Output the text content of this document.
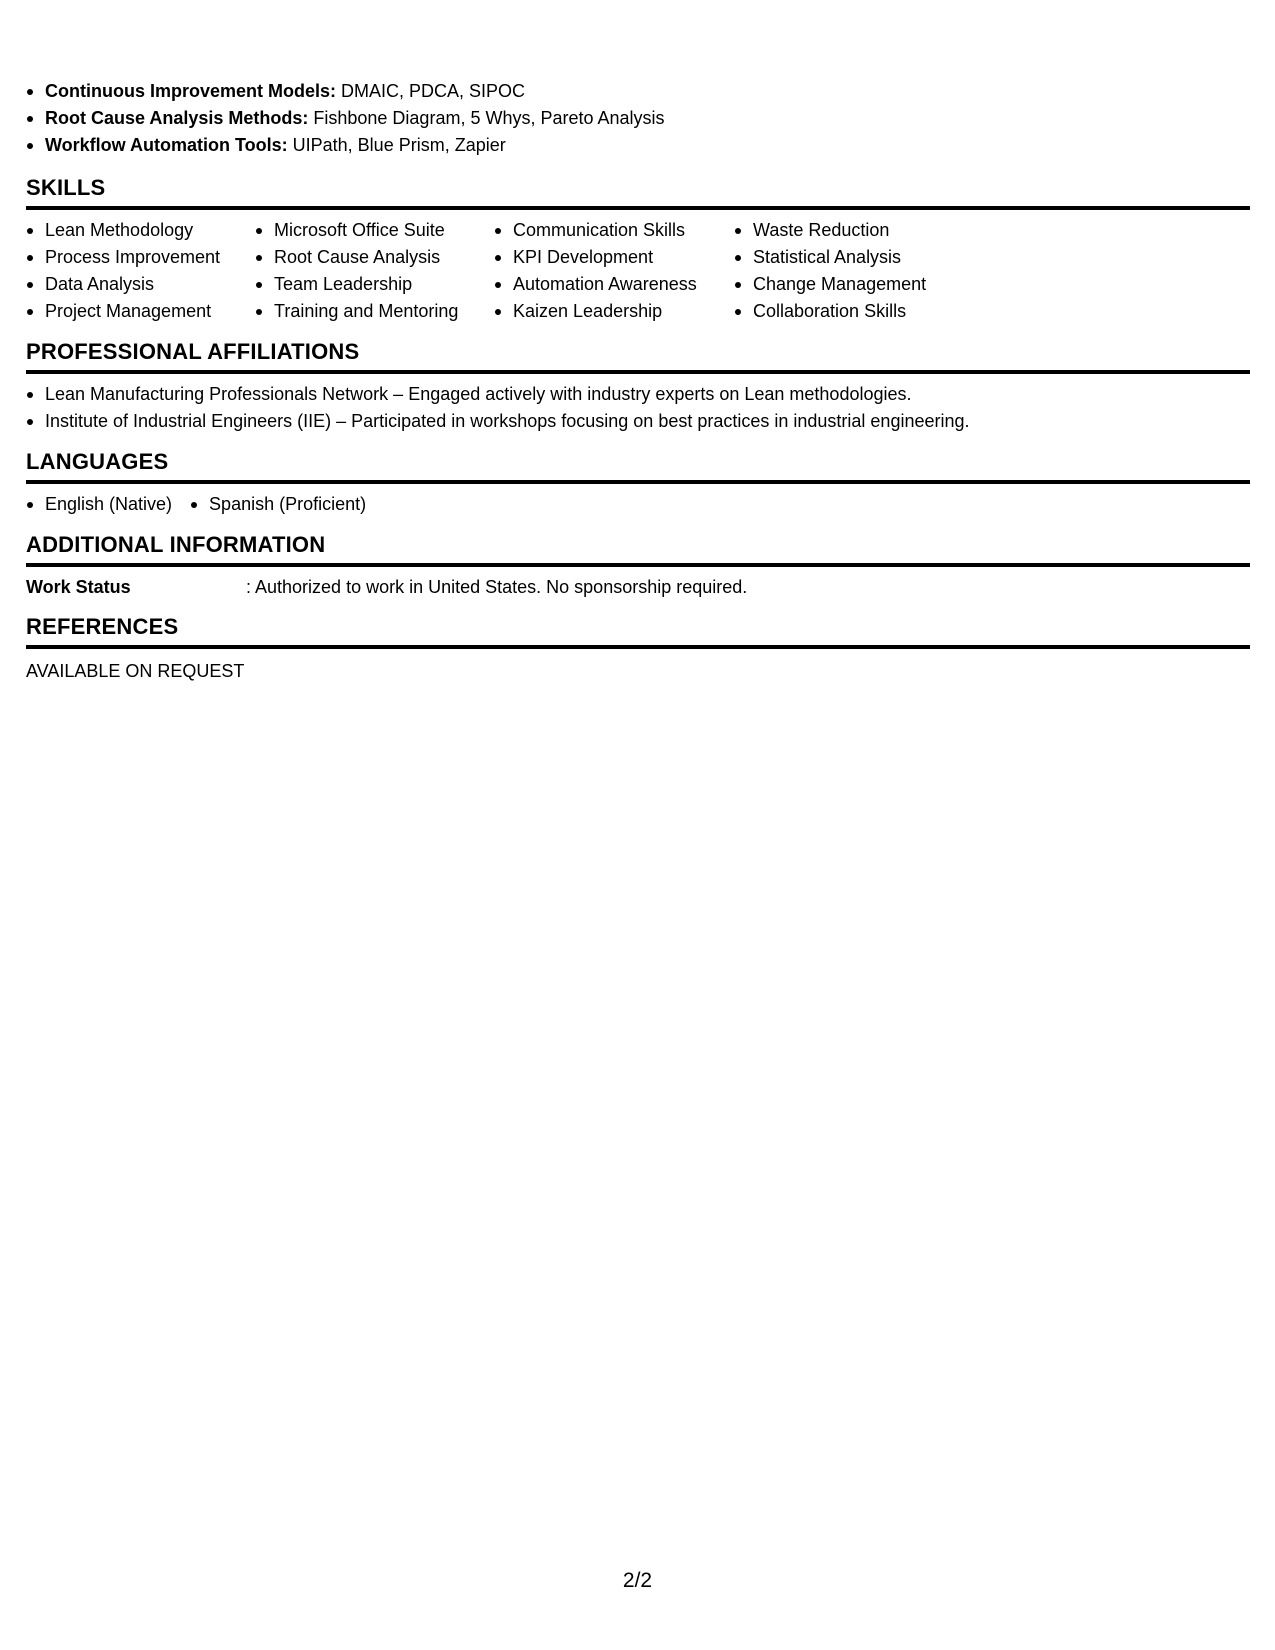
Continuous Improvement Models: DMAIC, PDCA, SIPOC
Root Cause Analysis Methods: Fishbone Diagram, 5 Whys, Pareto Analysis
Workflow Automation Tools: UIPath, Blue Prism, Zapier
SKILLS
Lean Methodology
Process Improvement
Data Analysis
Project Management
Microsoft Office Suite
Root Cause Analysis
Team Leadership
Training and Mentoring
Communication Skills
KPI Development
Automation Awareness
Kaizen Leadership
Waste Reduction
Statistical Analysis
Change Management
Collaboration Skills
PROFESSIONAL AFFILIATIONS
Lean Manufacturing Professionals Network – Engaged actively with industry experts on Lean methodologies.
Institute of Industrial Engineers (IIE) – Participated in workshops focusing on best practices in industrial engineering.
LANGUAGES
English (Native)	Spanish (Proficient)
ADDITIONAL INFORMATION
Work Status	: Authorized to work in United States. No sponsorship required.
REFERENCES
AVAILABLE ON REQUEST
2/2
